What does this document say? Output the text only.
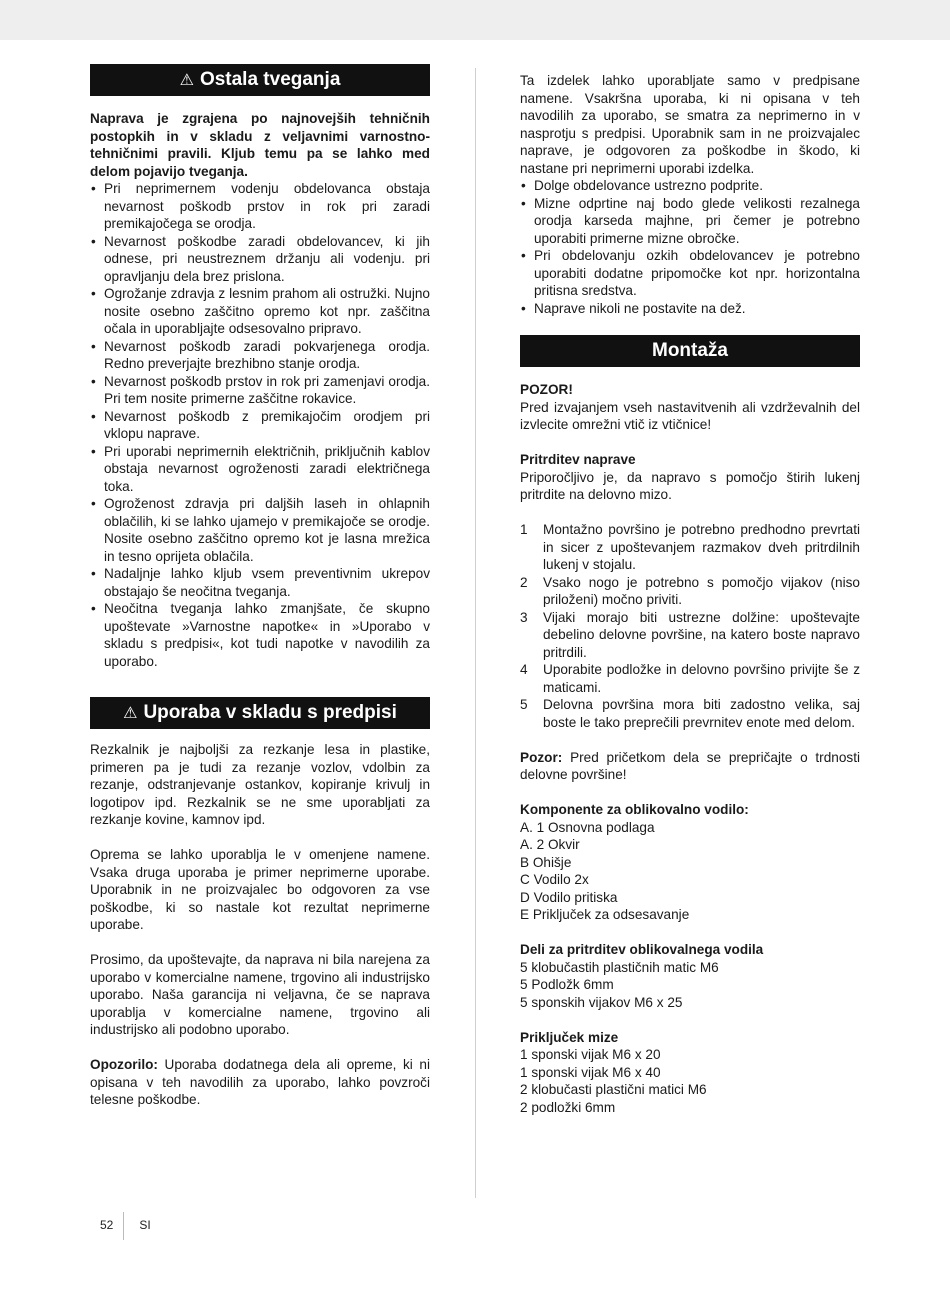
⚠ Ostala tveganja

Naprava je zgrajena po najnovejših tehničnih postopkih in v skladu z veljavnimi varnostno- tehničnimi pravili. Kljub temu pa se lahko med delom pojavijo tveganja.

• Pri neprimernem vodenju obdelovanca obstaja nevarnost poškodb prstov in rok pri zaradi premikajočega se orodja.
• Nevarnost poškodbe zaradi obdelovancev, ki jih odnese, pri neustreznem držanju ali vodenju. pri opravljanju dela brez prislona.
• Ogrožanje zdravja z lesnim prahom ali ostružki. Nujno nosite osebno zaščitno opremo kot npr. zaščitna očala in uporabljajte odsesovalno pripravo.
• Nevarnost poškodb zaradi pokvarjenega orodja. Redno preverjajte brezhibno stanje orodja.
• Nevarnost poškodb prstov in rok pri zamenjavi orodja. Pri tem nosite primerne zaščitne rokavice.
• Nevarnost poškodb z premikajočim orodjem pri vklopu naprave.
• Pri uporabi neprimernih električnih, priključnih kablov obstaja nevarnost ogroženosti zaradi električnega toka.
• Ogroženost zdravja pri daljših laseh in ohlapnih oblačilih, ki se lahko ujamejo v premikajoče se orodje. Nosite osebno zaščitno opremo kot je lasna mrežica in tesno oprijeta oblačila.
• Nadaljnje lahko kljub vsem preventivnim ukrepov obstajajo še neočitna tveganja.
• Neočitna tveganja lahko zmanjšate, če skupno upoštevate »Varnostne napotke« in »Uporabo v skladu s predpisi«, kot tudi napotke v navodilih za uporabo.
⚠ Uporaba v skladu s predpisi

Rezkalnik je najboljši za rezkanje lesa in plastike, primeren pa je tudi za rezanje vozlov, vdolbin za rezanje, odstranjevanje ostankov, kopiranje krivulj in logotipov ipd. Rezkalnik se ne sme uporabljati za rezkanje kovine, kamnov ipd.

Oprema se lahko uporablja le v omenjene namene. Vsaka druga uporaba je primer neprimerne uporabe. Uporabnik in ne proizvajalec bo odgovoren za vse poškodbe, ki so nastale kot rezultat neprimerne uporabe.

Prosimo, da upoštevajte, da naprava ni bila narejena za uporabo v komercialne namene, trgovino ali industrijsko uporabo. Naša garancija ni veljavna, če se naprava uporablja v komercialne namene, trgovino ali industrijsko ali podobno uporabo.

Opozorilo: Uporaba dodatnega dela ali opreme, ki ni opisana v teh navodilih za uporabo, lahko povzroči telesne poškodbe.

Ta izdelek lahko uporabljate samo v predpisane namene. Vsakršna uporaba, ki ni opisana v teh navodilih za uporabo, se smatra za neprimerno in v nasprotju s predpisi. Uporabnik sam in ne proizvajalec naprave, je odgovoren za poškodbe in škodo, ki nastane pri neprimerni uporabi izdelka.

• Dolge obdelovance ustrezno podprite.
• Mizne odprtine naj bodo glede velikosti rezalnega orodja karseda majhne, pri čemer je potrebno uporabiti primerne mizne obročke.
• Pri obdelovanju ozkih obdelovancev je potrebno uporabiti dodatne pripomočke kot npr. horizontalna pritisna sredstva.
• Naprave nikoli ne postavite na dež.
Montaža

POZOR!

Pred izvajanjem vseh nastavitvenih ali vzdrževalnih del izvlecite omrežni vtič iz vtičnice!

Pritrditev naprave

Priporočljivo je, da napravo s pomočjo štirih lukenj pritrdite na delovno mizo.

1 Montažno površino je potrebno predhodno prevrtati in sicer z upoštevanjem razmakov dveh pritrdilnih lukenj v stojalu.
2 Vsako nogo je potrebno s pomočjo vijakov (niso priloženi) močno priviti.
3 Vijaki morajo biti ustrezne dolžine: upoštevajte debelino delovne površine, na katero boste napravo pritrdili.
4 Uporabite podložke in delovno površino privijte še z maticami.
5 Delovna površina mora biti zadostno velika, saj boste le tako preprečili prevrnitev enote med delom.

Pozor: Pred pričetkom dela se prepričajte o trdnosti delovne površine!

Komponente za oblikovalno vodilo:

A. 1 Osnovna podlaga

A. 2 Okvir

B Ohišje

C Vodilo 2x

D Vodilo pritiska

E Priključek za odsesavanje

Deli za pritrditev oblikovalnega vodila

5 klobučastih plastičnih matic M6

5 Podložk 6mm

5 sponskih vijakov M6 x 25

Priključek mize

1 sponski vijak M6 x 20

1 sponski vijak M6 x 40

2 klobučasti plastični matici M6

2 podložki 6mm

52 SI
